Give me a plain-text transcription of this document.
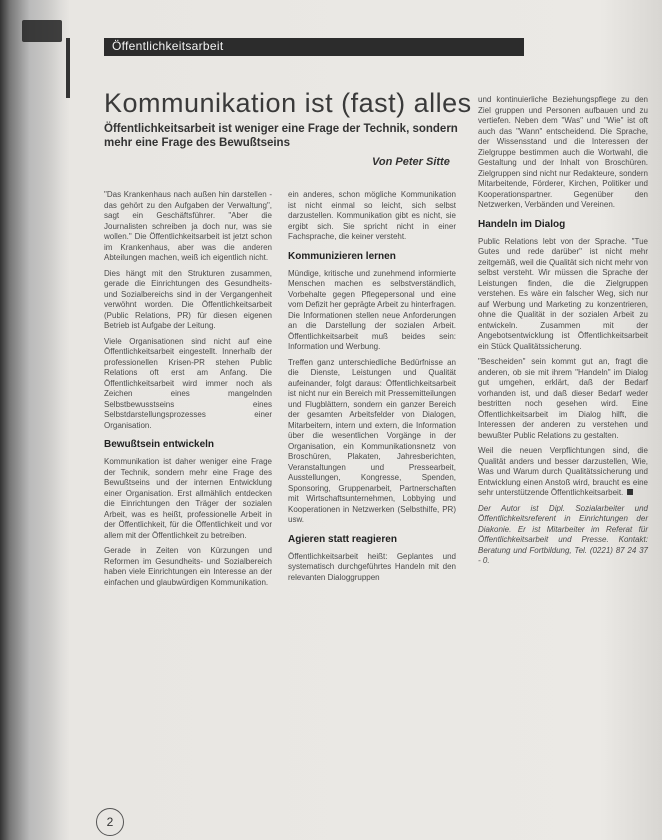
Öffentlichkeitsarbeit
Kommunikation ist (fast) alles
Öffentlichkeitsarbeit ist weniger eine Frage der Technik, sondern mehr eine Frage des Bewußtseins
Von Peter Sitte

"Das Krankenhaus nach außen hin darstellen - das gehört zu den Aufgaben der Verwaltung", sagt ein Geschäftsführer. "Aber die Journalisten schreiben ja doch nur, was sie wollen." Die Öffentlichkeitsarbeit ist jetzt schon im Krankenhaus, aber was die anderen Abteilungen machen, weiß ich eigentlich nicht.

Dies hängt mit den Strukturen zusammen, gerade die Einrichtungen des Gesundheits- und Sozialbereichs sind in der Vergangenheit verwöhnt worden. Die Öffentlichkeitsarbeit (Public Relations, PR) für diesen eigenen Betrieb ist Aufgabe der Leitung.

Viele Organisationen sind nicht auf eine Öffentlichkeitsarbeit eingestellt. Innerhalb der professionellen Krisen-PR stehen Public Relations oft erst am Anfang. Die Öffentlichkeitsarbeit wird immer noch als Zeichen eines mangelnden Selbstbewusstseins eines Selbstdarstellungsprozesses einer Organisation.

Bewußtsein entwickeln

Kommunikation ist daher weniger eine Frage der Technik, sondern mehr eine Frage des Bewußtseins und der internen Entwicklung einer Organisation. Erst allmählich entdecken die Einrichtungen den Träger der sozialen Arbeit, was es heißt, professionelle Arbeit in der Öffentlichkeit, für die Öffentlichkeit und vor allem mit der Öffentlichkeit zu betreiben.

Gerade in Zeiten von Kürzungen und Reformen im Gesundheits- und Sozialbereich haben viele Einrichtungen ein Interesse an der einfachen und glaubwürdigen Kommunikation.

ein anderes, schon mögliche Kommunikation ist nicht einmal so leicht, sich selbst darzustellen. Kommunikation gibt es nicht, sie ergibt sich. Sie spricht nicht in einer Fachsprache, die keiner versteht.

Kommunizieren lernen

Mündige, kritische und zunehmend informierte Menschen machen es selbstverständlich, Vorbehalte gegen Pflegepersonal und eine vom Defizit her geprägte Arbeit zu hinterfragen. Die Informationen stellen neue Anforderungen an die Darstellung der sozialen Arbeit. Öffentlichkeitsarbeit muß beides sein: Information und Werbung.

Treffen ganz unterschiedliche Bedürfnisse an die Dienste, Leistungen und Qualität aufeinander, folgt daraus: Öffentlichkeitsarbeit ist nicht nur ein Bereich mit Pressemitteilungen und Flugblättern, sondern ein ganzer Bereich der gesamten Arbeitsfelder von Dialogen, Mitarbeitern, intern und extern, die Information über die wesentlichen Vorgänge in der Organisation, ein Kommunikationsnetz von Broschüren, Plakaten, Jahresberichten, Veranstaltungen und Pressearbeit, Ausstellungen, Kongresse, Spenden, Sponsoring, Gruppenarbeit, Partnerschaften mit Wirtschaftsunternehmen, Lobbying und Kooperationen in Netzwerken (Selbsthilfe, PR) usw.

Agieren statt reagieren

Öffentlichkeitsarbeit heißt: Geplantes und systematisch durchgeführtes Handeln mit den relevanten Dialoggruppen

und kontinuierliche Beziehungspflege zu den Ziel gruppen und Personen aufbauen und zu vertiefen. Neben dem "Was" und "Wie" ist oft auch das "Wann" entscheidend. Die Sprache, der Wissensstand und die Interessen der Zielgruppe bestimmen auch die Wortwahl, die Gestaltung und der Inhalt von Broschüren. Zielgruppen sind nicht nur Redakteure, sondern Mitarbeitende, Förderer, Kirchen, Politiker und Kooperationspartner. Gegenüber den Netzwerken, Verbänden und Vereinen.

Handeln im Dialog

Public Relations lebt von der Sprache. "Tue Gutes und rede darüber" ist nicht mehr zeitgemäß, weil die Qualität sich nicht mehr von selbst versteht. Wir müssen die Sprache der Leistungen finden, die die Zielgruppen verstehen. Es wäre ein falscher Weg, sich nur auf Werbung und Marketing zu konzentrieren, ohne die Qualität in der sozialen Arbeit zu entwickeln. Zusammen mit der Angebotsentwicklung ist Öffentlichkeitsarbeit ein Stück Qualitätssicherung.

"Bescheiden" sein kommt gut an, fragt die anderen, ob sie mit ihrem "Handeln" im Dialog gut umgehen, erklärt, daß der Bedarf vorhanden ist, und daß dieser Bedarf weder bestritten noch gesehen wird. Eine Öffentlichkeitsarbeit im Dialog hilft, die Interessen der anderen zu verstehen und bewußter Public Relations zu gestalten.

Weil die neuen Verpflichtungen sind, die Qualität anders und besser darzustellen, Wie, Was und Warum durch Qualitätssicherung und Entwicklung einen Anstoß wird, braucht es eine sehr unterstützende Öffentlichkeitsarbeit.

Der Autor ist Dipl. Sozialarbeiter und Öffentlichkeitsreferent in Einrichtungen der Diakonie. Er ist Mitarbeiter im Referat für Öffentlichkeitsarbeit und Presse. Kontakt: Beratung und Fortbildung, Tel. (0221) 87 24 37 - 0.

2
